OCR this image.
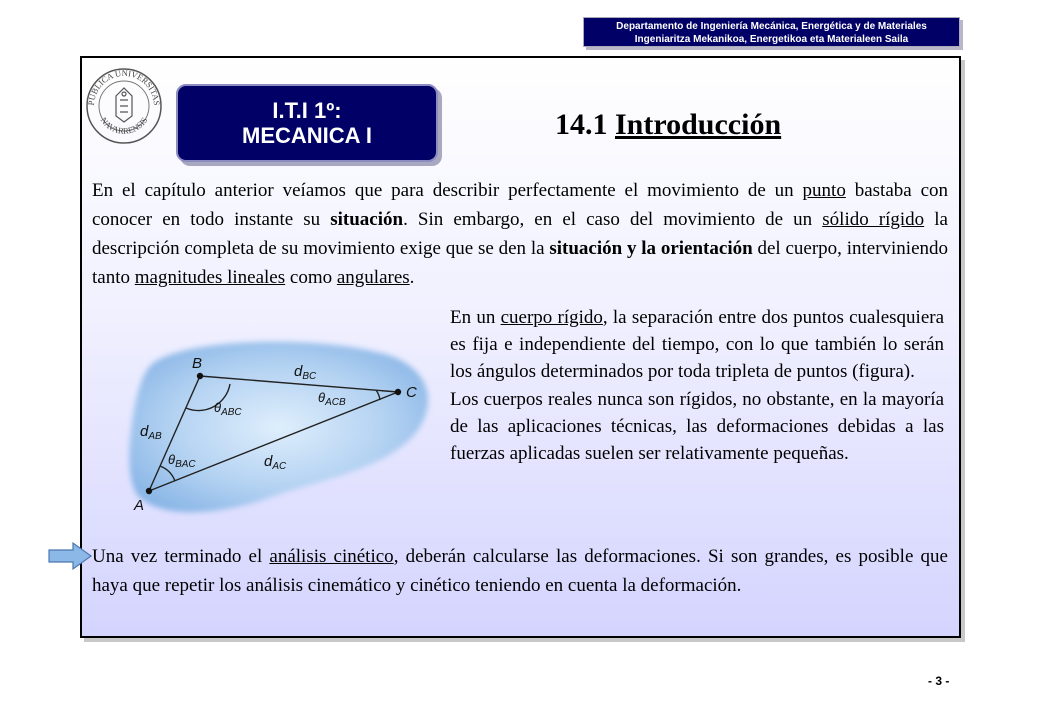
Departamento de Ingeniería Mecánica, Energética y de Materiales
Ingeniaritza Mekanikoa, Energetikoa eta Materialeen Saila
PUBLICA UNIVERSITAS
NAVARRENSIS	I.T.I 1º:
MECANICA I	14.1 Introducción

En el capítulo anterior veíamos que para describir perfectamente el movimiento de un punto bastaba con conocer en todo instante su situación. Sin embargo, en el caso del movimiento de un sólido rígido la descripción completa de su movimiento exige que se den la situación y la orientación del cuerpo, interviniendo tanto magnitudes lineales como angulares.

En un cuerpo rígido, la separación entre dos puntos cualesquiera es fija e independiente del tiempo, con lo que también lo serán los ángulos determinados por toda tripleta de puntos (figura).
Los cuerpos reales nunca son rígidos, no obstante, en la mayoría de las aplicaciones técnicas, las deformaciones debidas a las fuerzas aplicadas suelen ser relativamente pequeñas.
B
C
A
$d_{BC}$
$d_{AB}$
$d_{AC}$
$\theta_{ABC}$
$\theta_{ACB}$
$\theta_{BAC}$

Una vez terminado el análisis cinético, deberán calcularse las deformaciones. Si son grandes, es posible que haya que repetir los análisis cinemático y cinético teniendo en cuenta la deformación.

- 3 -
